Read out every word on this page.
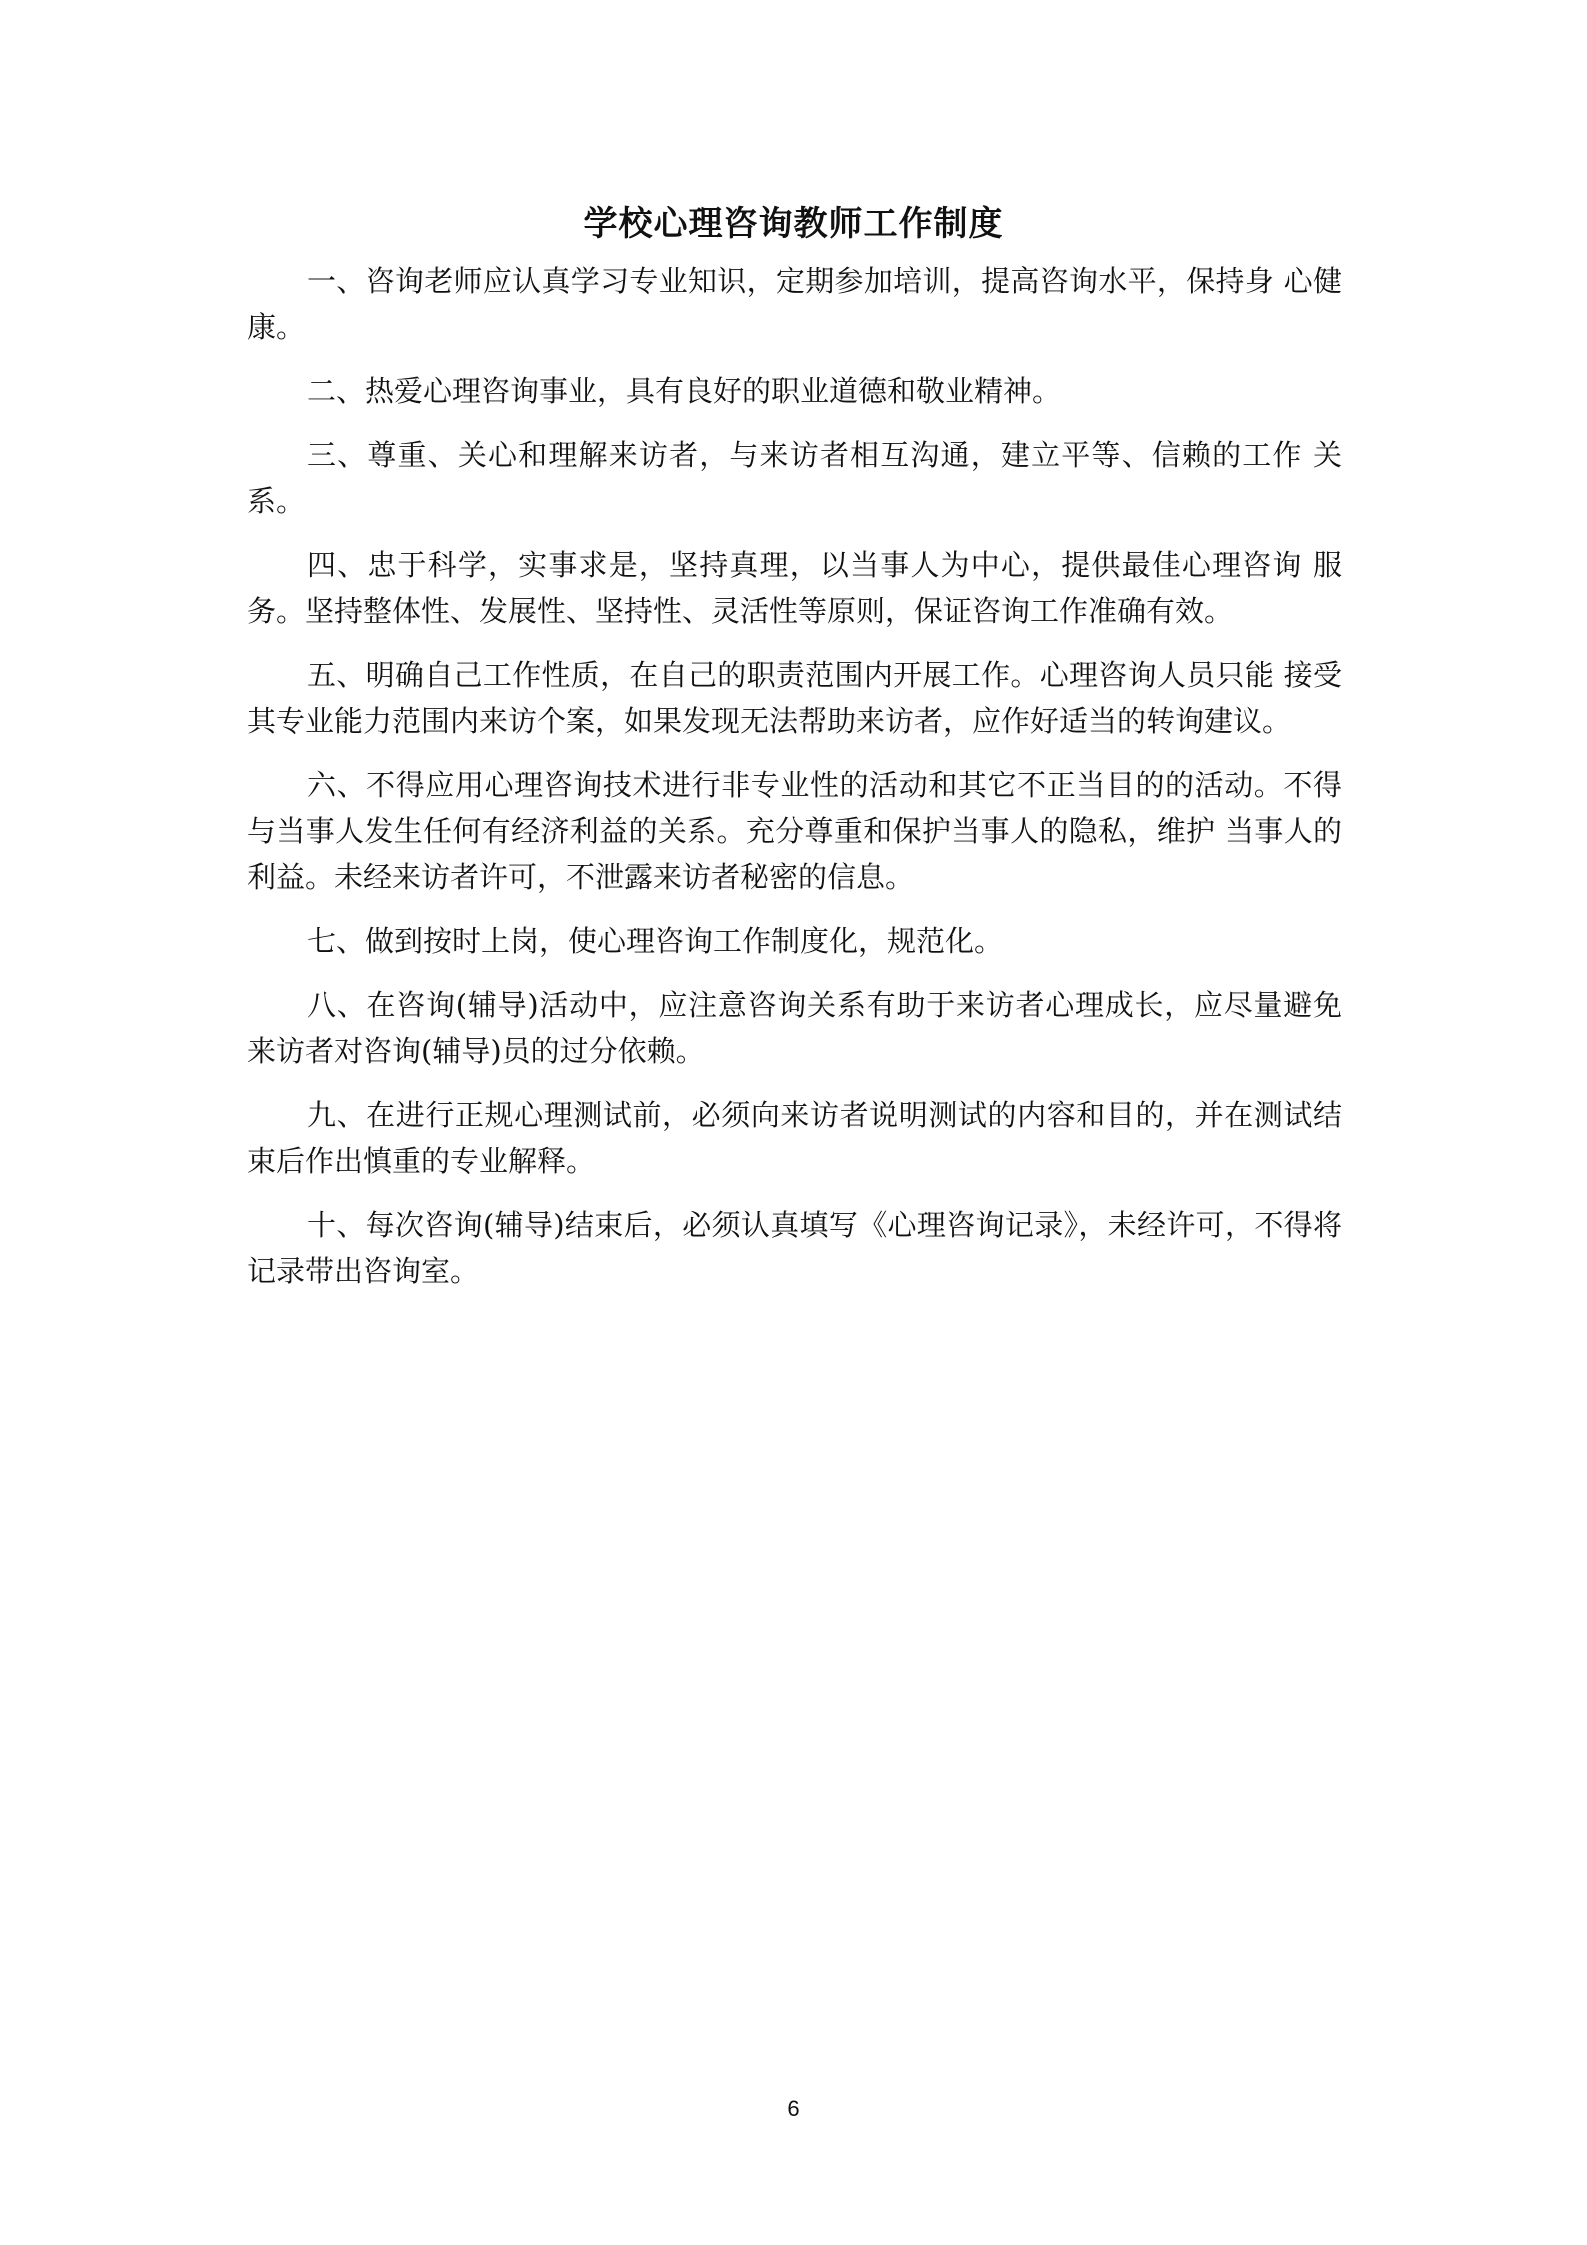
学校心理咨询教师工作制度

一、咨询老师应认真学习专业知识，定期参加培训，提高咨询水平，保持身 心健康。

二、热爱心理咨询事业，具有良好的职业道德和敬业精神。

三、尊重、关心和理解来访者，与来访者相互沟通，建立平等、信赖的工作 关系。

四、忠于科学，实事求是，坚持真理，以当事人为中心，提供最佳心理咨询 服务。坚持整体性、发展性、坚持性、灵活性等原则，保证咨询工作准确有效。

五、明确自己工作性质，在自己的职责范围内开展工作。心理咨询人员只能 接受其专业能力范围内来访个案，如果发现无法帮助来访者，应作好适当的转询建议。

六、不得应用心理咨询技术进行非专业性的活动和其它不正当目的的活动。不得与当事人发生任何有经济利益的关系。充分尊重和保护当事人的隐私，维护 当事人的利益。未经来访者许可，不泄露来访者秘密的信息。

七、做到按时上岗，使心理咨询工作制度化，规范化。

八、在咨询(辅导)活动中，应注意咨询关系有助于来访者心理成长，应尽量避免来访者对咨询(辅导)员的过分依赖。

九、在进行正规心理测试前，必须向来访者说明测试的内容和目的，并在测试结束后作出慎重的专业解释。

十、每次咨询(辅导)结束后，必须认真填写《心理咨询记录》，未经许可，不得将记录带出咨询室。

6
